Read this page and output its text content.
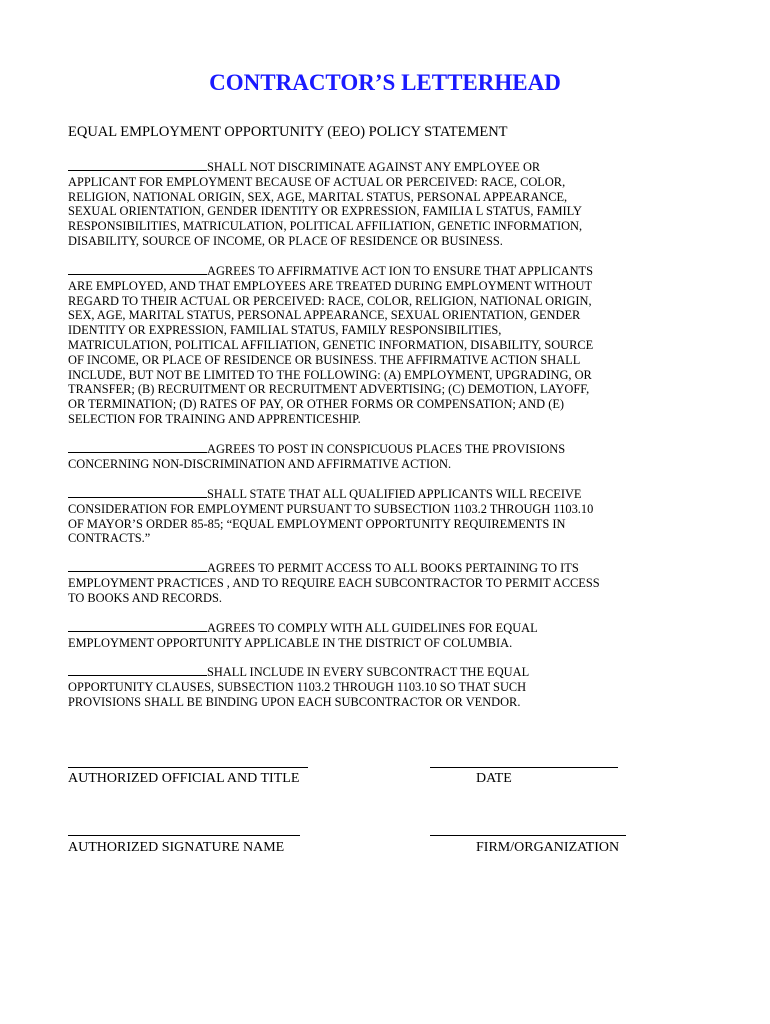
CONTRACTOR’S LETTERHEAD
EQUAL EMPLOYMENT OPPORTUNITY (EEO) POLICY STATEMENT
SHALL NOT DISCRIMINATE AGAINST ANY EMPLOYEE OR
APPLICANT FOR EMPLOYMENT BECAUSE OF ACTUAL OR PERCEIVED: RACE, COLOR,
RELIGION, NATIONAL ORIGIN, SEX, AGE, MARITAL STATUS, PERSONAL APPEARANCE,
SEXUAL ORIENTATION, GENDER IDENTITY OR EXPRESSION, FAMILIA L STATUS, FAMILY
RESPONSIBILITIES, MATRICULATION, POLITICAL AFFILIATION, GENETIC INFORMATION,
DISABILITY, SOURCE OF INCOME, OR PLACE OF RESIDENCE OR BUSINESS.
AGREES TO AFFIRMATIVE ACT ION TO ENSURE THAT APPLICANTS
ARE EMPLOYED, AND THAT EMPLOYEES ARE TREATED DURING EMPLOYMENT WITHOUT
REGARD TO THEIR ACTUAL OR PERCEIVED: RACE, COLOR, RELIGION, NATIONAL ORIGIN,
SEX, AGE, MARITAL STATUS, PERSONAL APPEARANCE, SEXUAL ORIENTATION, GENDER
IDENTITY OR EXPRESSION, FAMILIAL STATUS, FAMILY RESPONSIBILITIES,
MATRICULATION, POLITICAL AFFILIATION, GENETIC INFORMATION, DISABILITY, SOURCE
OF INCOME, OR PLACE OF RESIDENCE OR BUSINESS. THE AFFIRMATIVE ACTION SHALL
INCLUDE, BUT NOT BE LIMITED TO THE FOLLOWING: (A) EMPLOYMENT, UPGRADING, OR
TRANSFER; (B) RECRUITMENT OR RECRUITMENT ADVERTISING; (C) DEMOTION, LAYOFF,
OR TERMINATION; (D) RATES OF PAY, OR OTHER FORMS OR COMPENSATION; AND (E)
SELECTION FOR TRAINING AND APPRENTICESHIP.
AGREES TO POST IN CONSPICUOUS PLACES THE PROVISIONS
CONCERNING NON-DISCRIMINATION AND AFFIRMATIVE ACTION.
SHALL STATE THAT ALL QUALIFIED APPLICANTS WILL RECEIVE
CONSIDERATION FOR EMPLOYMENT PURSUANT TO SUBSECTION 1103.2 THROUGH 1103.10
OF MAYOR’S ORDER 85-85; “EQUAL EMPLOYMENT OPPORTUNITY REQUIREMENTS IN
CONTRACTS.”
AGREES TO PERMIT ACCESS TO ALL BOOKS PERTAINING TO ITS
EMPLOYMENT PRACTICES , AND TO REQUIRE EACH SUBCONTRACTOR TO PERMIT ACCESS
TO BOOKS AND RECORDS.
AGREES TO COMPLY WITH ALL GUIDELINES FOR EQUAL
EMPLOYMENT OPPORTUNITY APPLICABLE IN THE DISTRICT OF COLUMBIA.
SHALL INCLUDE IN EVERY SUBCONTRACT THE EQUAL
OPPORTUNITY CLAUSES, SUBSECTION 1103.2 THROUGH 1103.10 SO THAT SUCH
PROVISIONS SHALL BE BINDING UPON EACH SUBCONTRACTOR OR VENDOR.
AUTHORIZED OFFICIAL AND TITLE	DATE
AUTHORIZED SIGNATURE NAME	FIRM/ORGANIZATION
